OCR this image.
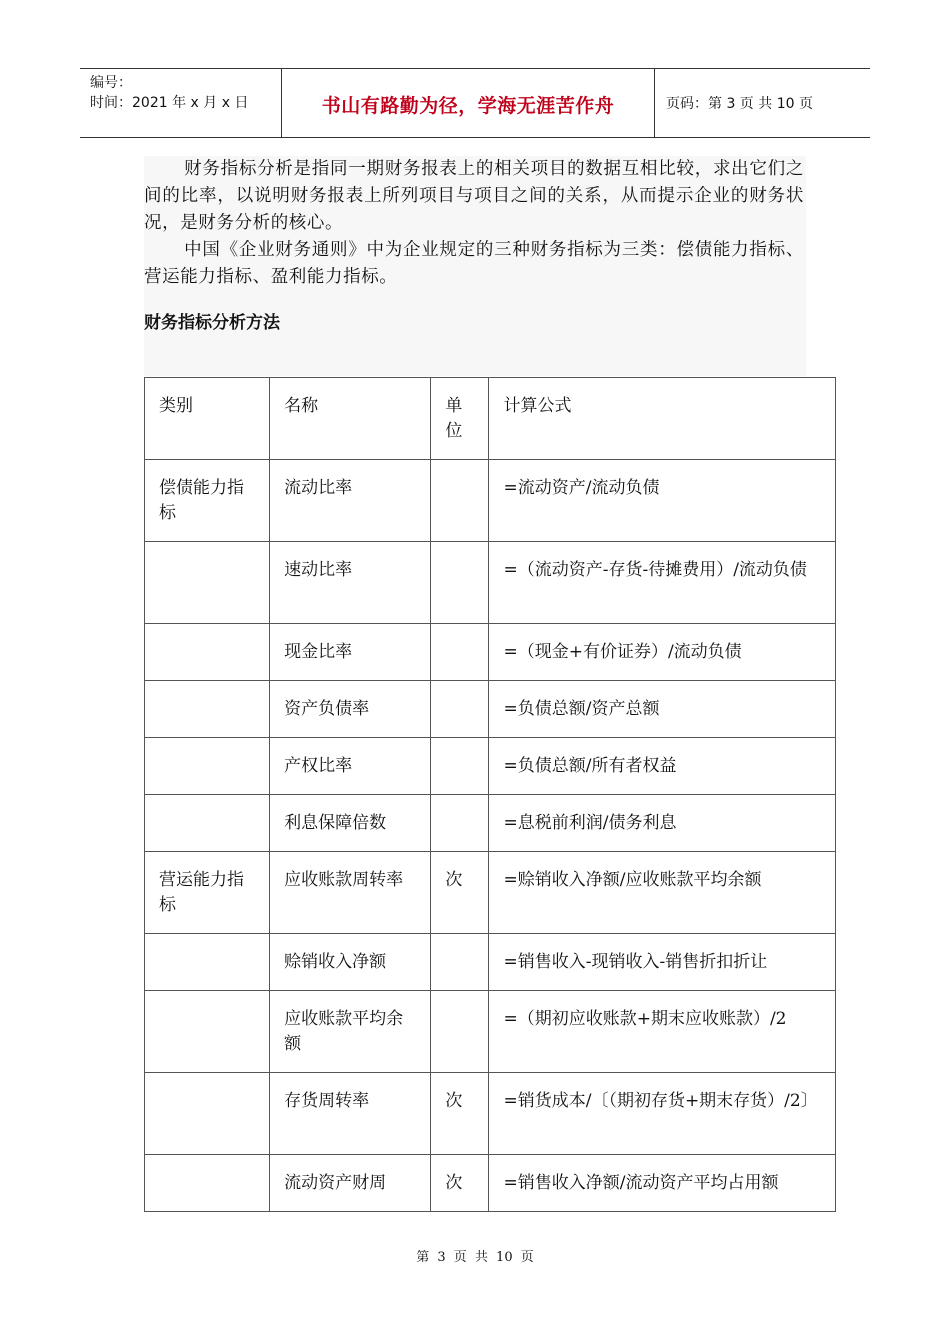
编号：
时间：2021 年 x 月 x 日	书山有路勤为径，学海无涯苦作舟	页码：第 3 页 共 10 页
财务指标分析是指同一期财务报表上的相关项目的数据互相比较，求出它们之间的比率，以说明财务报表上所列项目与项目之间的关系，从而提示企业的财务状况，是财务分析的核心。
中国《企业财务通则》中为企业规定的三种财务指标为三类：偿债能力指标、营运能力指标、盈利能力指标。
财务指标分析方法
类别	名称	单位	计算公式
偿债能力指标	流动比率		=流动资产/流动负债
	速动比率		=（流动资产-存货-待摊费用）/流动负债
	现金比率		=（现金+有价证券）/流动负债
	资产负债率		=负债总额/资产总额
	产权比率		=负债总额/所有者权益
	利息保障倍数		=息税前利润/债务利息
营运能力指标	应收账款周转率	次	=赊销收入净额/应收账款平均余额
	赊销收入净额		=销售收入-现销收入-销售折扣折让
	应收账款平均余额		=（期初应收账款+期末应收账款）/2
	存货周转率	次	=销货成本/〔（期初存货+期末存货）/2〕
	流动资产财周	次	=销售收入净额/流动资产平均占用额
第 3 页 共 10 页
